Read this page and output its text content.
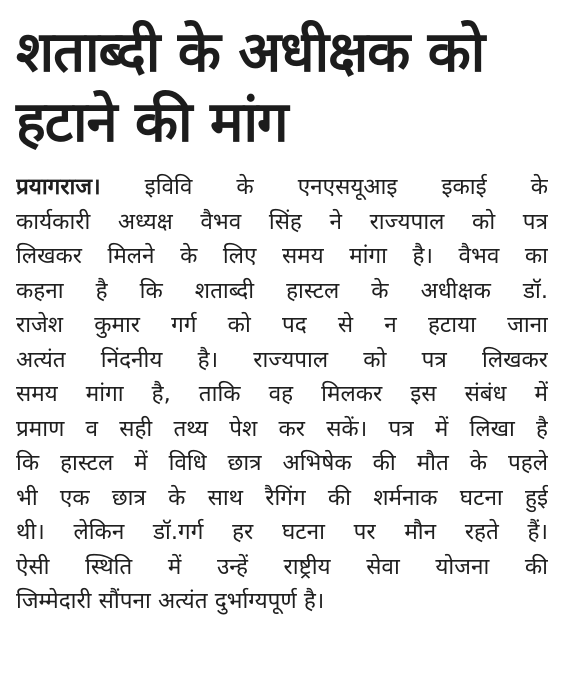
शताब्दी के अधीक्षक को
हटाने की मांग
प्रयागराज। इविवि के एनएसयूआइ इकाई के
कार्यकारी अध्यक्ष वैभव सिंह ने राज्यपाल को पत्र
लिखकर मिलने के लिए समय मांगा है। वैभव का
कहना है कि शताब्दी हास्टल के अधीक्षक डॉ.
राजेश कुमार गर्ग को पद से न हटाया जाना
अत्यंत निंदनीय है। राज्यपाल को पत्र लिखकर
समय मांगा है, ताकि वह मिलकर इस संबंध में
प्रमाण व सही तथ्य पेश कर सकें। पत्र में लिखा है
कि हास्टल में विधि छात्र अभिषेक की मौत के पहले
भी एक छात्र के साथ रैगिंग की शर्मनाक घटना हुई
थी। लेकिन डॉ.गर्ग हर घटना पर मौन रहते हैं।
ऐसी स्थिति में उन्हें राष्ट्रीय सेवा योजना की
जिम्मेदारी सौंपना अत्यंत दुर्भाग्यपूर्ण है।
